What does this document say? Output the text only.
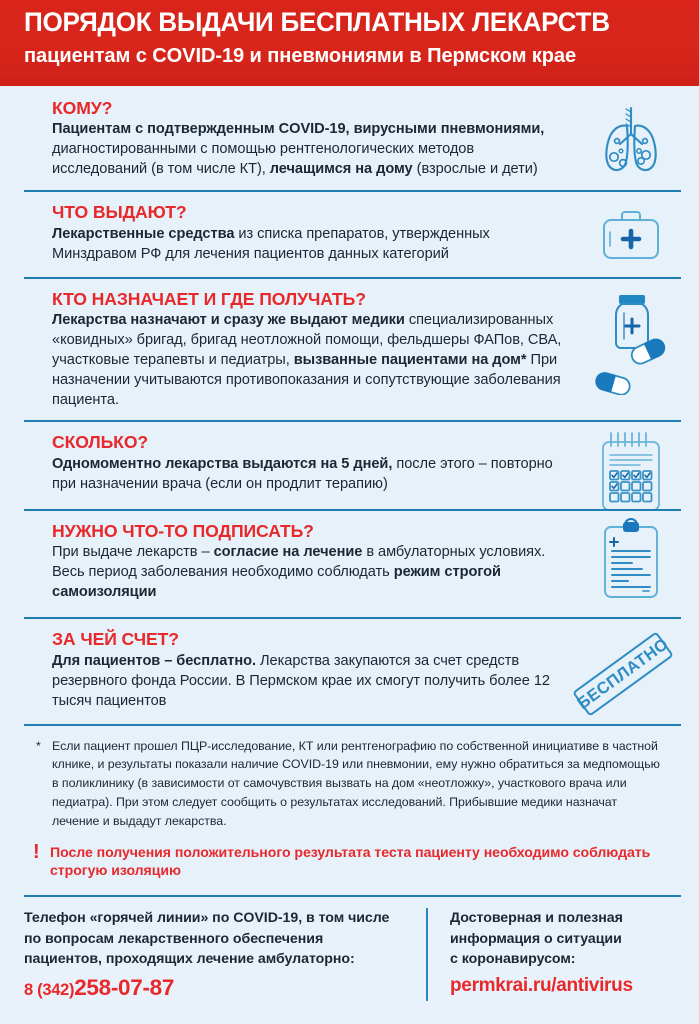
ПОРЯДОК ВЫДАЧИ БЕСПЛАТНЫХ ЛЕКАРСТВ
пациентам с COVID-19 и пневмониями в Пермском крае
КОМУ?
Пациентам с подтвержденным COVID-19, вирусными пневмониями, диагностированными с помощью рентгенологических методов исследований (в том числе КТ), лечащимся на дому (взрослые и дети)
ЧТО ВЫДАЮТ?
Лекарственные средства из списка препаратов, утвержденных Минздравом РФ для лечения пациентов данных категорий
КТО НАЗНАЧАЕТ И ГДЕ ПОЛУЧАТЬ?
Лекарства назначают и сразу же выдают медики специализированных «ковидных» бригад, бригад неотложной помощи, фельдшеры ФАПов, СВА, участковые терапевты и педиатры, вызванные пациентами на дом* При назначении учитываются противопоказания и сопутствующие заболевания пациента.
СКОЛЬКО?
Одномоментно лекарства выдаются на 5 дней, после этого – повторно при назначении врача (если он продлит терапию)
НУЖНО ЧТО-ТО ПОДПИСАТЬ?
При выдаче лекарств – согласие на лечение в амбулаторных условиях. Весь период заболевания необходимо соблюдать режим строгой самоизоляции
ЗА ЧЕЙ СЧЕТ?
Для пациентов – бесплатно. Лекарства закупаются за счет средств резервного фонда России. В Пермском крае их смогут получить более 12 тысяч пациентов	БЕСПЛАТНО
* Если пациент прошел ПЦР-исследование, КТ или рентгенографию по собственной инициативе в частной клнике, и результаты показали наличие COVID-19 или пневмонии, ему нужно обратиться за медпомощью в поликлинику (в зависимости от самочувствия вызвать на дом «неотложку», участкового врача или педиатра). При этом следует сообщить о результатах исследований. Прибывшие медики назначат лечение и выдадут лекарства.
! После получения положительного результата теста пациенту необходимо соблюдать строгую изоляцию
Телефон «горячей линии» по COVID-19, в том числе
по вопросам лекарственного обеспечения
пациентов, проходящих лечение амбулаторно:
8 (342)258-07-87
Достоверная и полезная
информация о ситуации
с коронавирусом:
permkrai.ru/antivirus
